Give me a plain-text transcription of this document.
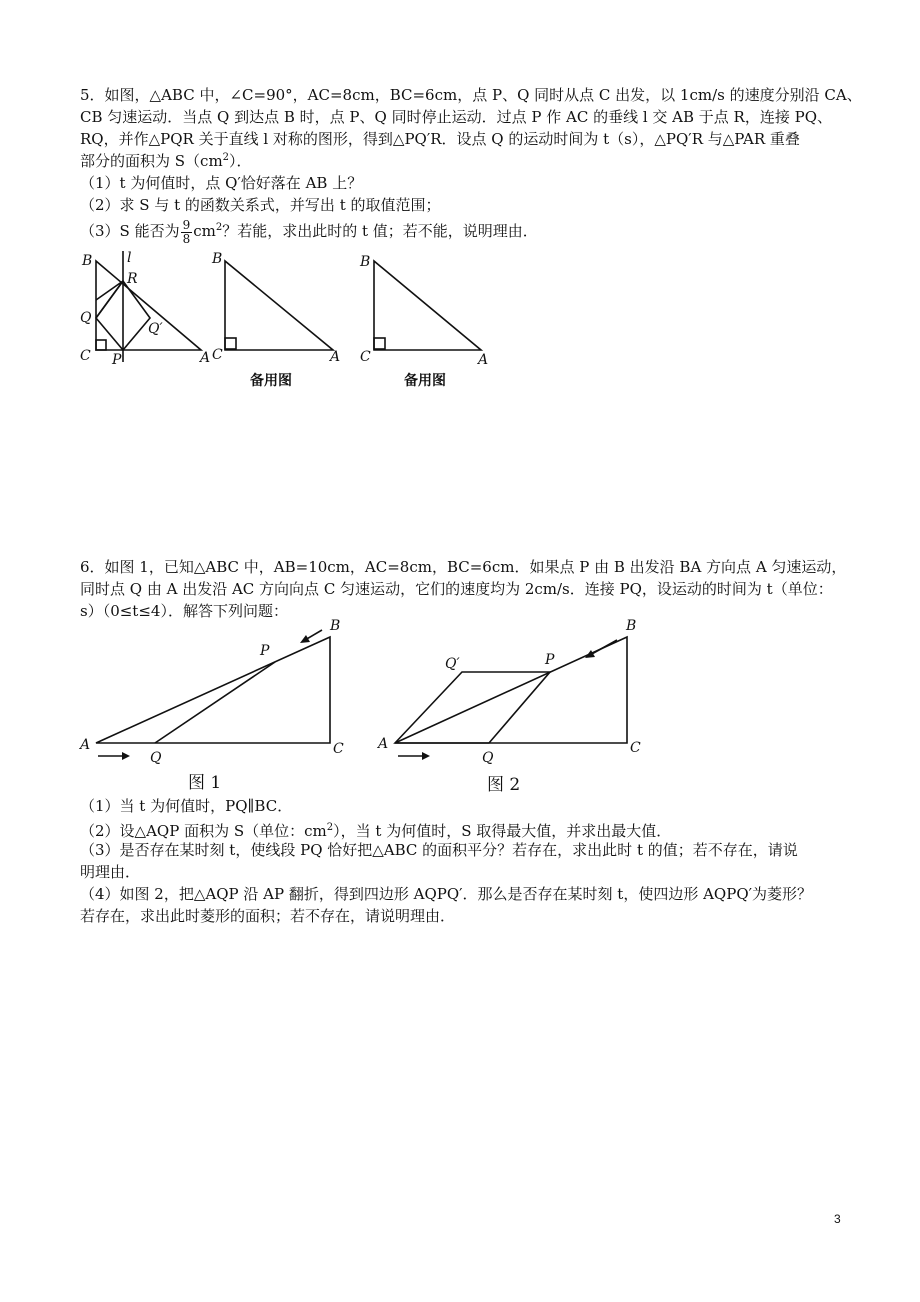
5．如图，△ABC 中，∠C=90°，AC=8cm，BC=6cm，点 P、Q 同时从点 C 出发，以 1cm/s 的速度分别沿 CA、
CB 匀速运动．当点 Q 到达点 B 时，点 P、Q 同时停止运动．过点 P 作 AC 的垂线 l 交 AB 于点 R，连接 PQ、
RQ，并作△PQR 关于直线 l 对称的图形，得到△PQ′R．设点 Q 的运动时间为 t（s），△PQ′R 与△PAR 重叠
部分的面积为 $S(cm^2)$．
（1）t 为何值时，点 Q′恰好落在 AB 上？
（2）求 S 与 t 的函数关系式，并写出 t 的取值范围；
（3）S 能否为 $\frac{9}{8} cm^2$？若能，求出此时的 t 值；若不能，说明理由．
B l
R
Q
Q′
C P	A
B
C	A
备用图
B
C	A
备用图
6．如图 1，已知△ABC 中，AB=10cm，AC=8cm，BC=6cm．如果点 P 由 B 出发沿 BA 方向点 A 匀速运动，
同时点 Q 由 A 出发沿 AC 方向向点 C 匀速运动，它们的速度均为 2cm/s．连接 PQ，设运动的时间为 t（单位：
s）（0≤t≤4）．解答下列问题：
A
B
C
P
Q
图 1
A
B
C
P
Q′
Q
图 2
（1）当 t 为何值时，PQ∥BC．
（2）设△AQP 面积为 S（单位：$cm^2$），当 t 为何值时，S 取得最大值，并求出最大值．
（3）是否存在某时刻 t，使线段 PQ 恰好把△ABC 的面积平分？若存在，求出此时 t 的值；若不存在，请说
明理由．
（4）如图 2，把△AQP 沿 AP 翻折，得到四边形 AQPQ′．那么是否存在某时刻 t，使四边形 AQPQ′为菱形？
若存在，求出此时菱形的面积；若不存在，请说明理由．
3
